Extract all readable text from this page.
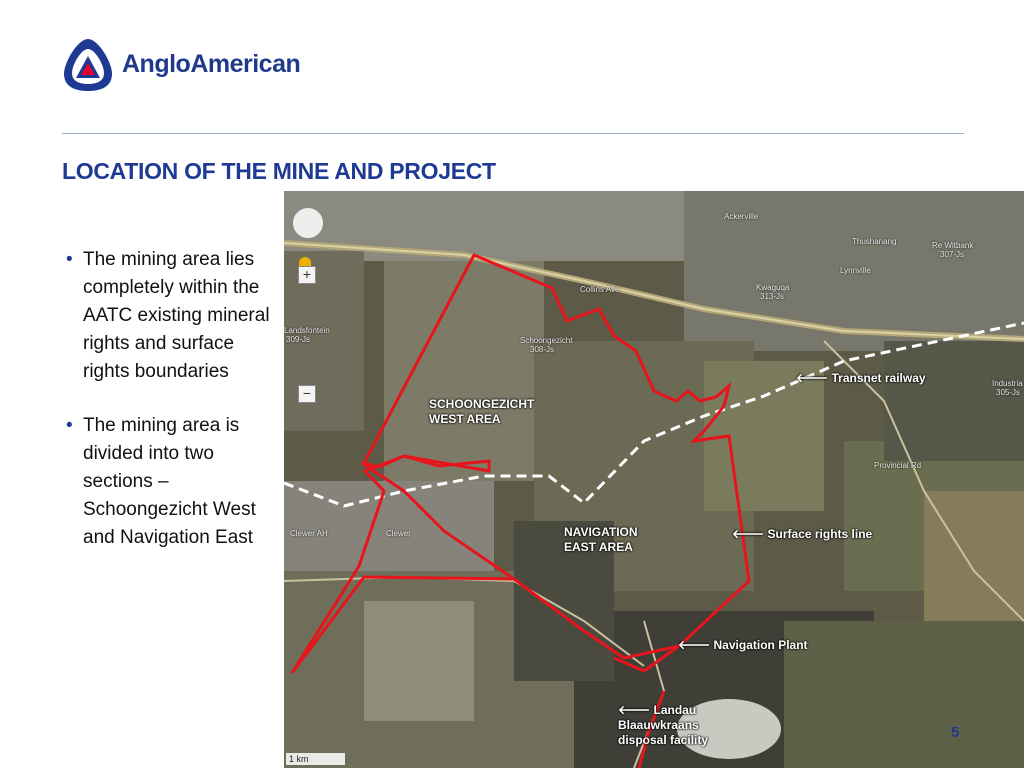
AngloAmerican
LOCATION OF THE MINE AND PROJECT
• The mining area lies completely within the AATC existing mineral rights and surface rights boundaries
• The mining area is divided into two sections – Schoongezicht West and Navigation East
Ackerville
Thushanang	Re Witbank
307-Js
Lynnville
Kwaguqa
313-Js
Schoongezicht
308-Js
Landsfontein
309-Js
Clewer
Clewer AH
Industria
305-Js
Collins Ave
Provincial Rd
SCHOONGEZICHT WEST AREA
NAVIGATION EAST AREA
🡐 Transnet railway
🡐 Surface rights line
🡐 Navigation Plant
🡐 Landau Blaauwkraans disposal facility
+
−
1 km
5
